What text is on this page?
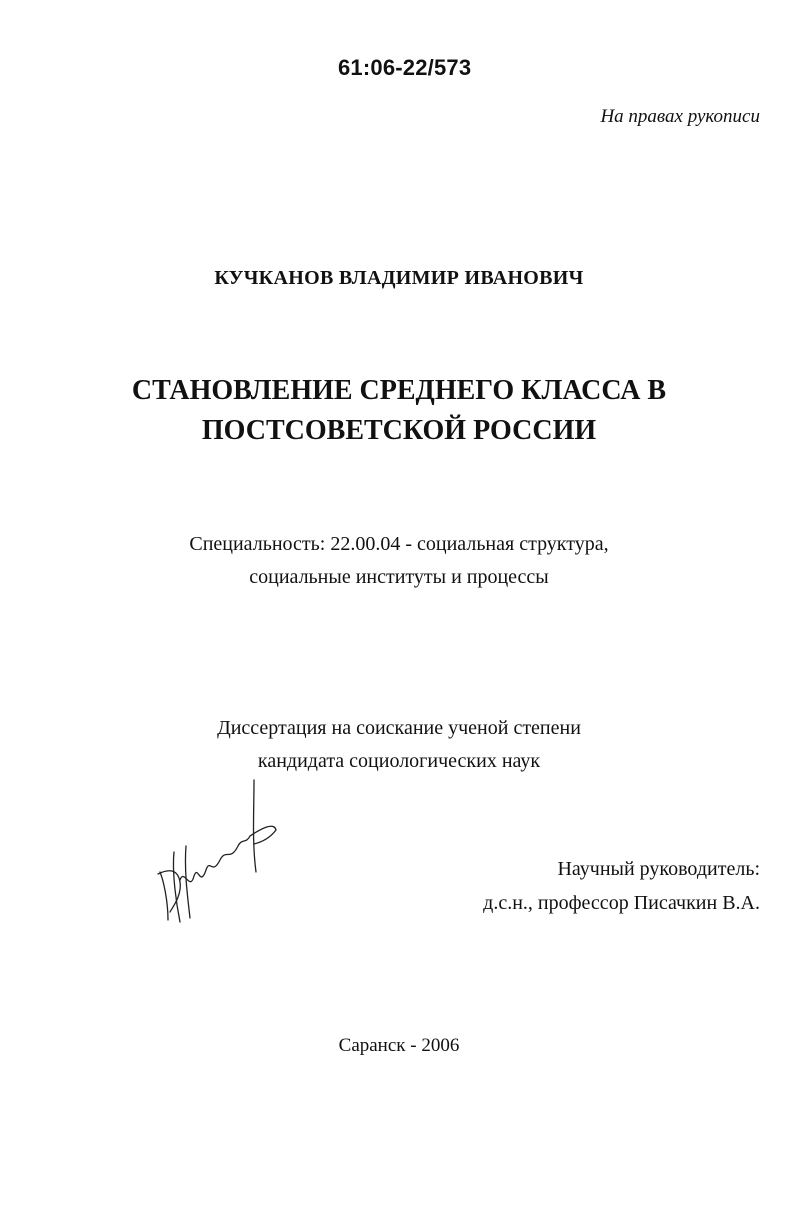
61:06-22/573
На правах рукописи
КУЧКАНОВ ВЛАДИМИР ИВАНОВИЧ
СТАНОВЛЕНИЕ СРЕДНЕГО КЛАССА В
ПОСТСОВЕТСКОЙ РОССИИ
Специальность: 22.00.04 - социальная структура,
социальные институты и процессы
Диссертация на соискание ученой степени
кандидата социологических наук
Научный руководитель:
д.с.н., профессор Писачкин В.А.
Саранск - 2006
